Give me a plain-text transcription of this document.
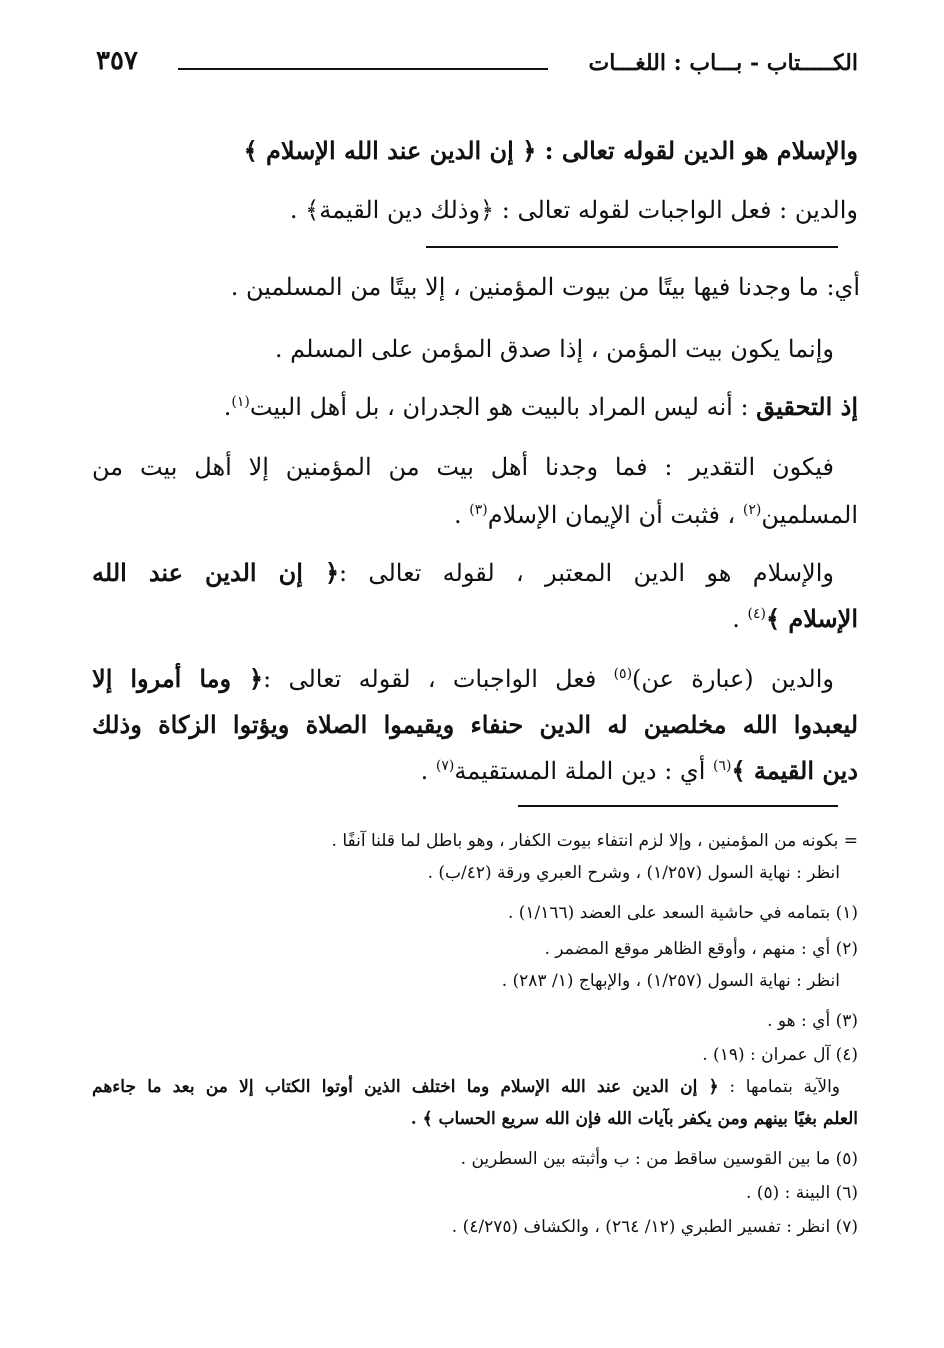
الكـــــتاب - بـــاب : اللغـــات
٣٥٧
والإسلام هو الدين لقوله تعالى : ﴿ إن الدين عند الله الإسلام ﴾
والدين : فعل الواجبات لقوله تعالى : ﴿وذلك دين القيمة﴾ .
أي: ما وجدنا فيها بيتًا من بيوت المؤمنين ، إلا بيتًا من المسلمين .
وإنما يكون بيت المؤمن ، إذا صدق المؤمن على المسلم .
إذ التحقيق : أنه ليس المراد بالبيت هو الجدران ، بل أهل البيت$^{(١)}$.
فيكون التقدير : فما وجدنا أهل بيت من المؤمنين إلا أهل بيت من
المسلمين$^{(٢)}$ ، فثبت أن الإيمان الإسلام$^{(٣)}$ .
والإسلام هو الدين المعتبر ، لقوله تعالى :﴿ إن الدين عند الله
الإسلام ﴾$^{(٤)}$ .
والدين (عبارة عن)$^{(٥)}$ فعل الواجبات ، لقوله تعالى :﴿ وما أمروا إلا
ليعبدوا الله مخلصين له الدين حنفاء ويقيموا الصلاة ويؤتوا الزكاة وذلك
دين القيمة ﴾$^{(٦)}$ أي : دين الملة المستقيمة$^{(٧)}$ .
= بكونه من المؤمنين ، وإلا لزم انتفاء بيوت الكفار ، وهو باطل لما قلنا آنفًا .
انظر : نهاية السول (١/٢٥٧) ، وشرح العبري ورقة (٤٢/ب) .
(١) بتمامه في حاشية السعد على العضد (١/١٦٦) .
(٢) أي : منهم ، وأوقع الظاهر موقع المضمر .
انظر : نهاية السول (١/٢٥٧) ، والإبهاج (١/ ٢٨٣) .
(٣) أي : هو .
(٤) آل عمران : (١٩) .
والآية بتمامها : ﴿ إن الدين عند الله الإسلام وما اختلف الذين أوتوا الكتاب إلا من بعد ما جاءهم
العلم بغيًا بينهم ومن يكفر بآيات الله فإن الله سريع الحساب ﴾ .
(٥) ما بين القوسين ساقط من : ب وأثبته بين السطرين .
(٦) البينة : (٥) .
(٧) انظر : تفسير الطبري (١٢/ ٢٦٤) ، والكشاف (٤/٢٧٥) .
